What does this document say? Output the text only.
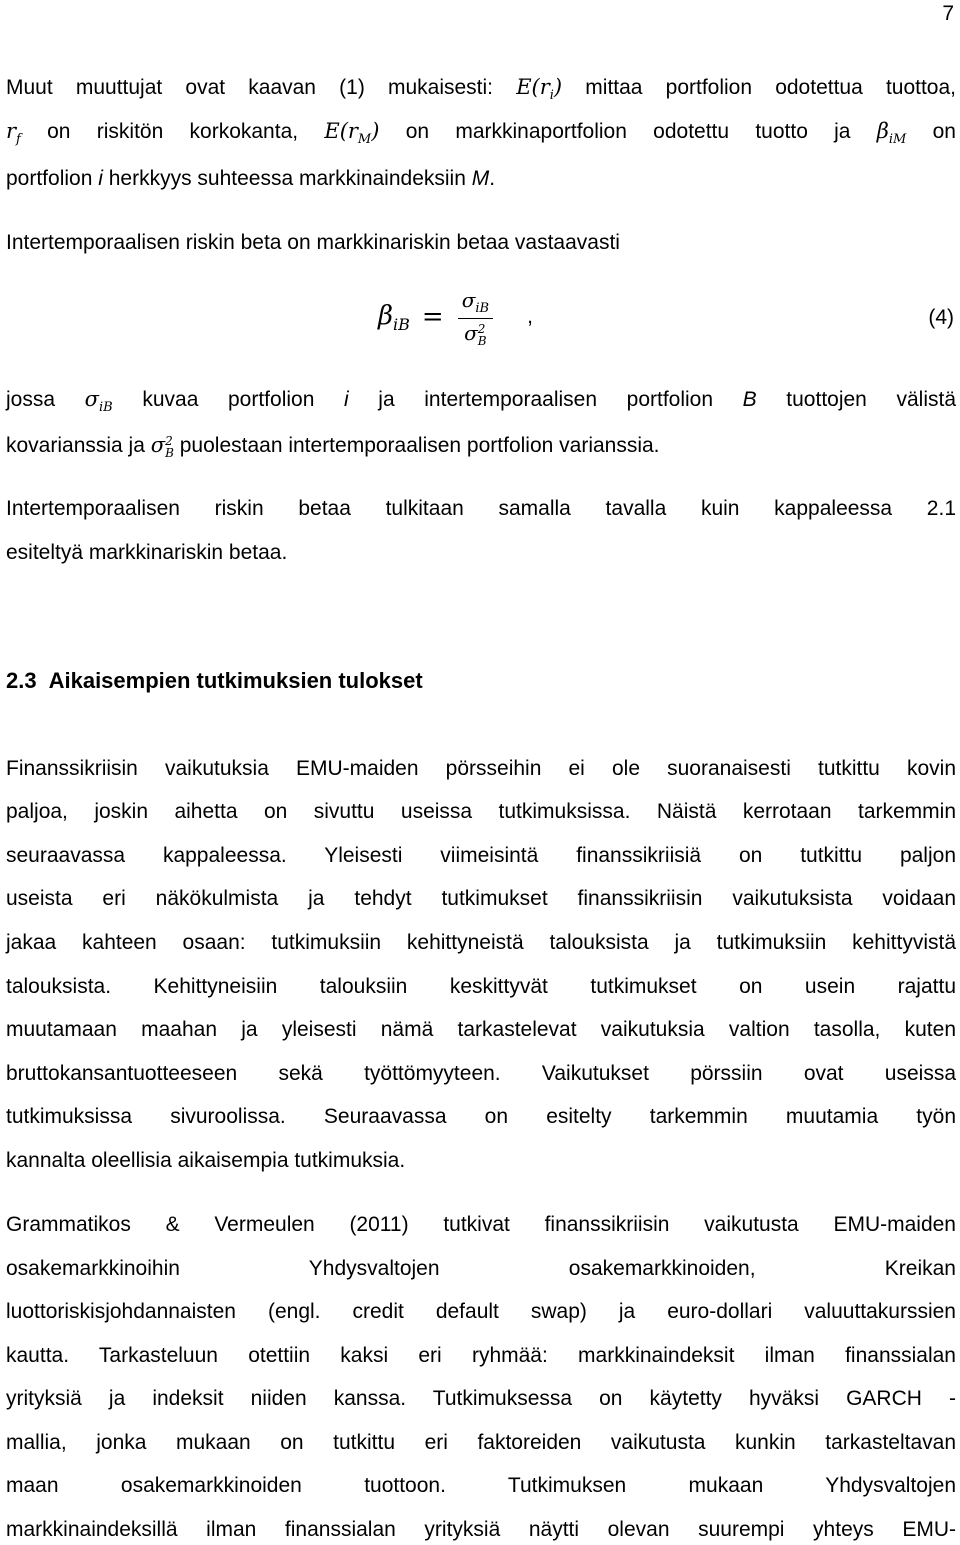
7
Muut muuttujat ovat kaavan (1) mukaisesti: $E(r_i)$ mittaa portfolion odotettua tuottoa,
$r_f$ on riskitön korkokanta, $E(r_M)$ on markkinaportfolion odotettu tuotto ja $\beta_{iM}$ on
portfolion i herkkyys suhteessa markkinaindeksiin M.
Intertemporaalisen riskin beta on markkinariskin betaa vastaavasti
$\beta_{iB} = \sigma_{iB}$
σ 2
B ,	(4)
jossa $\sigma_{iB}$ kuvaa portfolion i ja intertemporaalisen portfolion B tuottojen välistä
kovarianssia ja σ 2
B puolestaan intertemporaalisen portfolion varianssia.
Intertemporaalisen riskin betaa tulkitaan samalla tavalla kuin kappaleessa 2.1
esiteltyä markkinariskin betaa.
2.3 Aikaisempien tutkimuksien tulokset
Finanssikriisin vaikutuksia EMU-maiden pörsseihin ei ole suoranaisesti tutkittu kovin
paljoa, joskin aihetta on sivuttu useissa tutkimuksissa. Näistä kerrotaan tarkemmin
seuraavassa kappaleessa. Yleisesti viimeisintä finanssikriisiä on tutkittu paljon
useista eri näkökulmista ja tehdyt tutkimukset finanssikriisin vaikutuksista voidaan
jakaa kahteen osaan: tutkimuksiin kehittyneistä talouksista ja tutkimuksiin kehittyvistä
talouksista. Kehittyneisiin talouksiin keskittyvät tutkimukset on usein rajattu
muutamaan maahan ja yleisesti nämä tarkastelevat vaikutuksia valtion tasolla, kuten
bruttokansantuotteeseen sekä työttömyyteen. Vaikutukset pörssiin ovat useissa
tutkimuksissa sivuroolissa. Seuraavassa on esitelty tarkemmin muutamia työn
kannalta oleellisia aikaisempia tutkimuksia.
Grammatikos & Vermeulen (2011) tutkivat finanssikriisin vaikutusta EMU-maiden
osakemarkkinoihin Yhdysvaltojen osakemarkkinoiden, Kreikan
luottoriskisjohdannaisten (engl. credit default swap) ja euro-dollari valuuttakurssien
kautta. Tarkasteluun otettiin kaksi eri ryhmää: markkinaindeksit ilman finanssialan
yrityksiä ja indeksit niiden kanssa. Tutkimuksessa on käytetty hyväksi GARCH -
mallia, jonka mukaan on tutkittu eri faktoreiden vaikutusta kunkin tarkasteltavan
maan osakemarkkinoiden tuottoon. Tutkimuksen mukaan Yhdysvaltojen
markkinaindeksillä ilman finanssialan yrityksiä näytti olevan suurempi yhteys EMU-
